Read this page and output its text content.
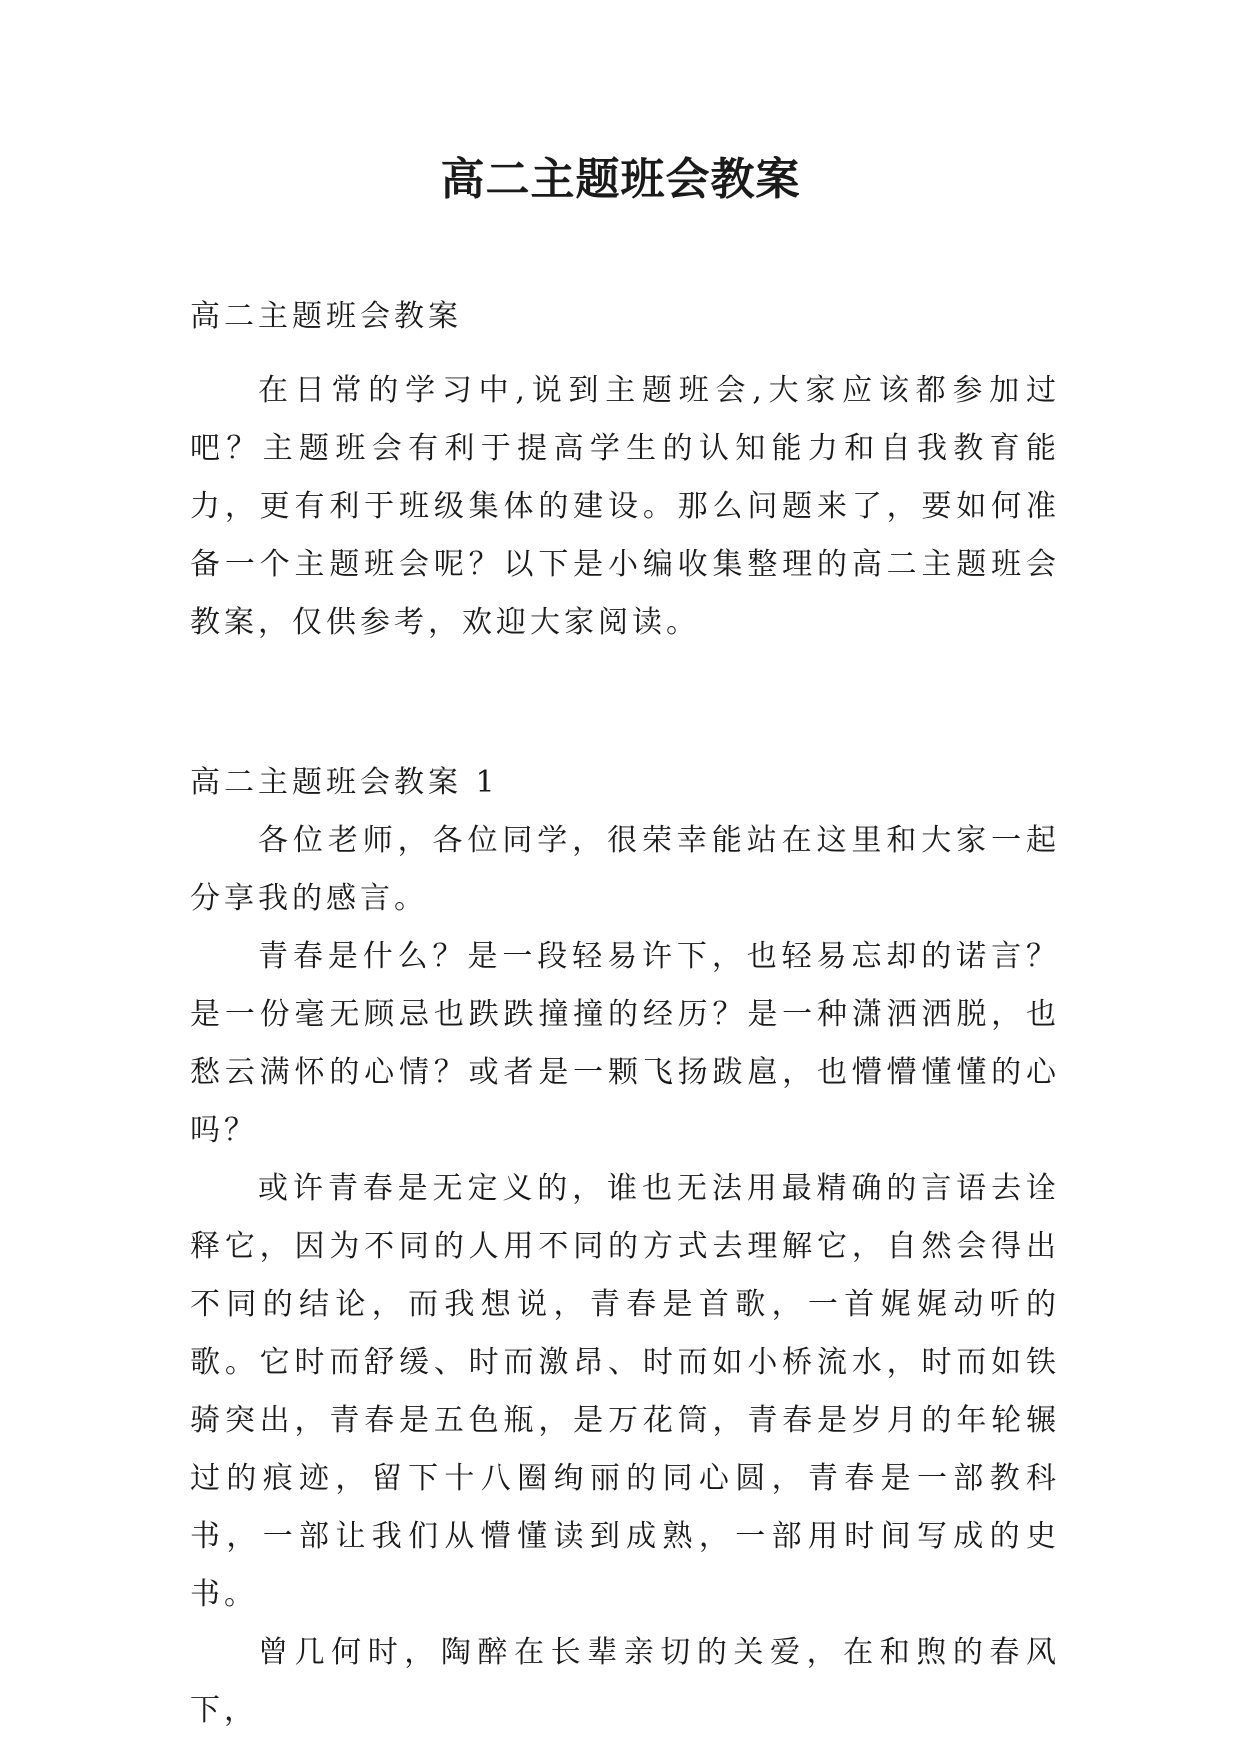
高二主题班会教案
高二主题班会教案

在日常的学习中,说到主题班会,大家应该都参加过吧？主题班会有利于提高学生的认知能力和自我教育能力，更有利于班级集体的建设。那么问题来了，要如何准备一个主题班会呢？以下是小编收集整理的高二主题班会教案，仅供参考，欢迎大家阅读。

高二主题班会教案 1

各位老师，各位同学，很荣幸能站在这里和大家一起分享我的感言。

青春是什么？是一段轻易许下，也轻易忘却的诺言？是一份毫无顾忌也跌跌撞撞的经历？是一种潇洒洒脱，也愁云满怀的心情？或者是一颗飞扬跋扈，也懵懵懂懂的心吗？

或许青春是无定义的，谁也无法用最精确的言语去诠释它，因为不同的人用不同的方式去理解它，自然会得出不同的结论，而我想说，青春是首歌，一首娓娓动听的歌。它时而舒缓、时而激昂、时而如小桥流水，时而如铁骑突出，青春是五色瓶，是万花筒，青春是岁月的年轮辗过的痕迹，留下十八圈绚丽的同心圆，青春是一部教科书，一部让我们从懵懂读到成熟，一部用时间写成的史书。

曾几何时，陶醉在长辈亲切的关爱，在和煦的春风下，
